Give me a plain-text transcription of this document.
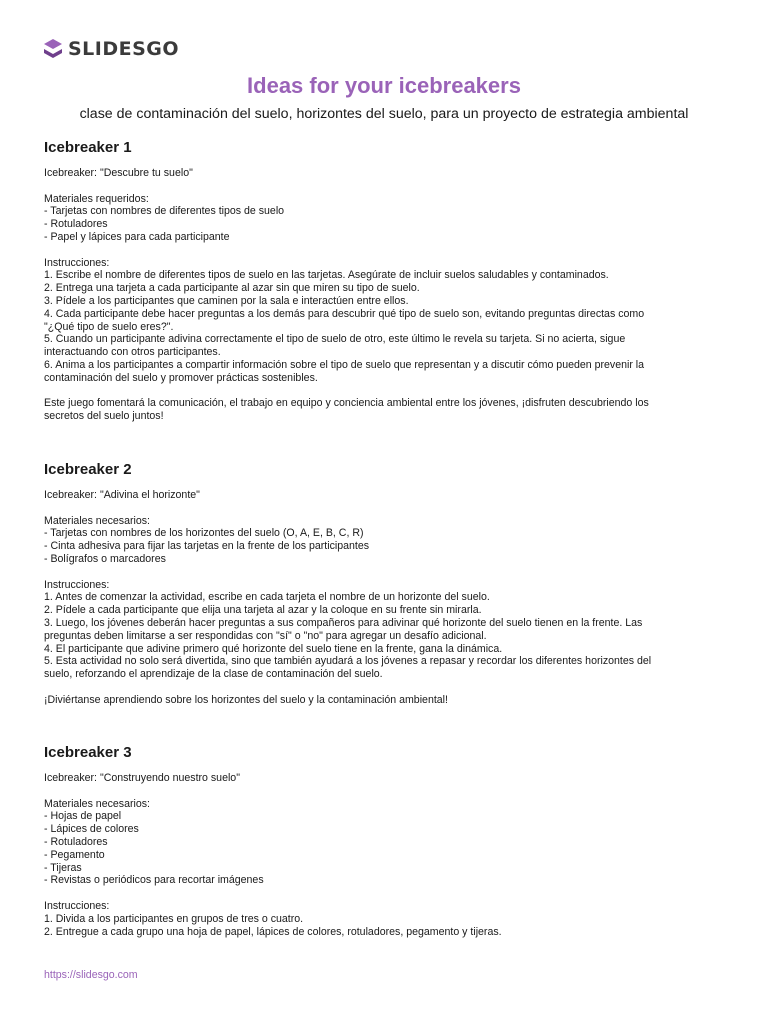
SLIDESGO
Ideas for your icebreakers
clase de contaminación del suelo, horizontes del suelo, para un proyecto de estrategia ambiental
Icebreaker 1
Icebreaker: "Descubre tu suelo"
Materiales requeridos:
- Tarjetas con nombres de diferentes tipos de suelo
- Rotuladores
- Papel y lápices para cada participante
Instrucciones:
1. Escribe el nombre de diferentes tipos de suelo en las tarjetas. Asegúrate de incluir suelos saludables y contaminados.
2. Entrega una tarjeta a cada participante al azar sin que miren su tipo de suelo.
3. Pídele a los participantes que caminen por la sala e interactúen entre ellos.
4. Cada participante debe hacer preguntas a los demás para descubrir qué tipo de suelo son, evitando preguntas directas como
"¿Qué tipo de suelo eres?".
5. Cuando un participante adivina correctamente el tipo de suelo de otro, este último le revela su tarjeta. Si no acierta, sigue
interactuando con otros participantes.
6. Anima a los participantes a compartir información sobre el tipo de suelo que representan y a discutir cómo pueden prevenir la
contaminación del suelo y promover prácticas sostenibles.
Este juego fomentará la comunicación, el trabajo en equipo y conciencia ambiental entre los jóvenes, ¡disfruten descubriendo los
secretos del suelo juntos!
Icebreaker 2
Icebreaker: "Adivina el horizonte"
Materiales necesarios:
- Tarjetas con nombres de los horizontes del suelo (O, A, E, B, C, R)
- Cinta adhesiva para fijar las tarjetas en la frente de los participantes
- Bolígrafos o marcadores
Instrucciones:
1. Antes de comenzar la actividad, escribe en cada tarjeta el nombre de un horizonte del suelo.
2. Pídele a cada participante que elija una tarjeta al azar y la coloque en su frente sin mirarla.
3. Luego, los jóvenes deberán hacer preguntas a sus compañeros para adivinar qué horizonte del suelo tienen en la frente. Las
preguntas deben limitarse a ser respondidas con "sí" o "no" para agregar un desafío adicional.
4. El participante que adivine primero qué horizonte del suelo tiene en la frente, gana la dinámica.
5. Esta actividad no solo será divertida, sino que también ayudará a los jóvenes a repasar y recordar los diferentes horizontes del
suelo, reforzando el aprendizaje de la clase de contaminación del suelo.
¡Diviértanse aprendiendo sobre los horizontes del suelo y la contaminación ambiental!
Icebreaker 3
Icebreaker: "Construyendo nuestro suelo"
Materiales necesarios:
- Hojas de papel
- Lápices de colores
- Rotuladores
- Pegamento
- Tijeras
- Revistas o periódicos para recortar imágenes
Instrucciones:
1. Divida a los participantes en grupos de tres o cuatro.
2. Entregue a cada grupo una hoja de papel, lápices de colores, rotuladores, pegamento y tijeras.
https://slidesgo.com
